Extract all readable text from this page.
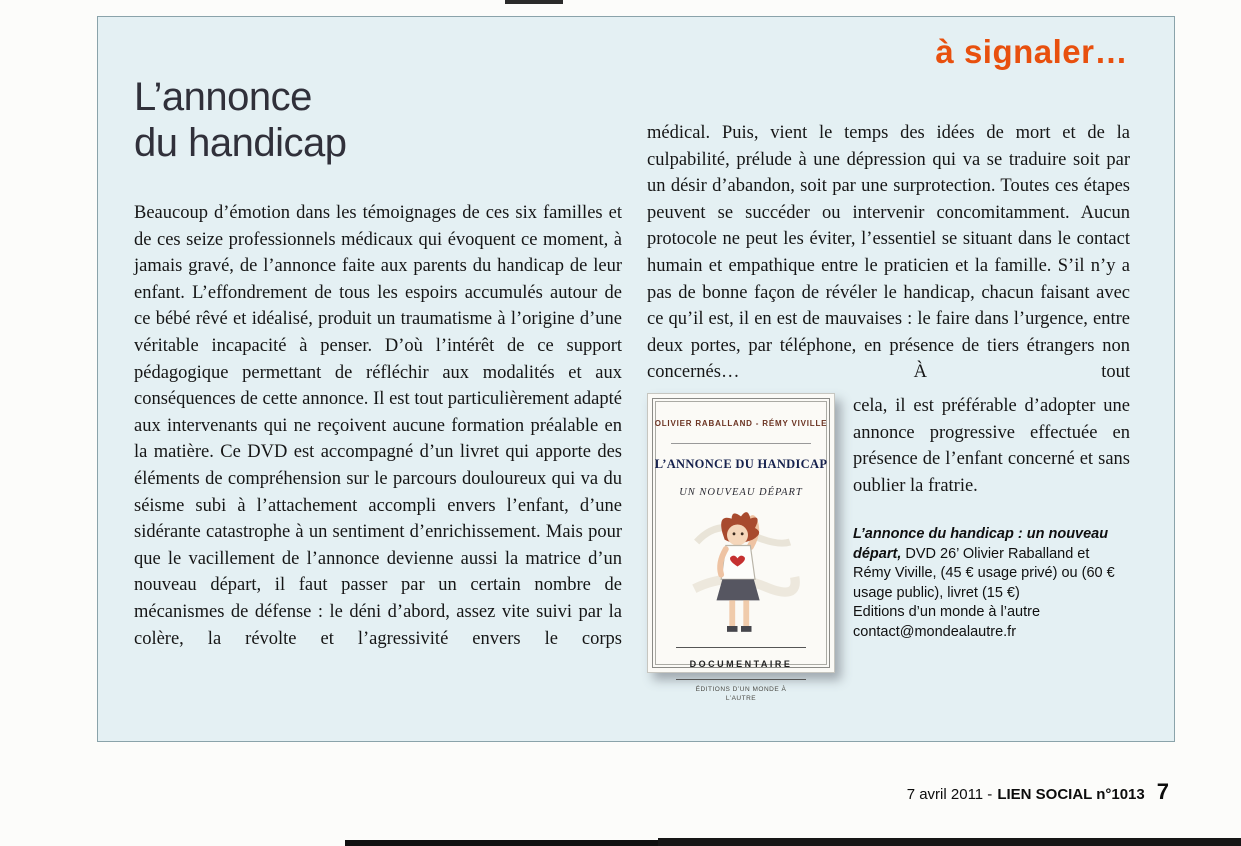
à signaler…
L’annonce
du handicap
Beaucoup d’émotion dans les témoignages de ces six familles et de ces seize professionnels médicaux qui évoquent ce moment, à jamais gravé, de l’annonce faite aux parents du handicap de leur enfant. L’effondrement de tous les espoirs accumulés autour de ce bébé rêvé et idéalisé, produit un traumatisme à l’origine d’une véritable incapacité à penser. D’où l’intérêt de ce support pédagogique permettant de réfléchir aux modalités et aux conséquences de cette annonce. Il est tout particulièrement adapté aux intervenants qui ne reçoivent aucune formation préalable en la matière. Ce DVD est accompagné d’un livret qui apporte des éléments de compréhension sur le parcours douloureux qui va du séisme subi à l’attachement accompli envers l’enfant, d’une sidérante catastrophe à un sentiment d’enrichissement. Mais pour que le vacillement de l’annonce devienne aussi la matrice d’un nouveau départ, il faut passer par un certain nombre de mécanismes de défense : le déni d’abord, assez vite suivi par la colère, la révolte et l’agressivité envers le corps

médical. Puis, vient le temps des idées de mort et de la culpabilité, prélude à une dépression qui va se traduire soit par un désir d’abandon, soit par une surprotection. Toutes ces étapes peuvent se succéder ou intervenir concomitamment. Aucun protocole ne peut les éviter, l’essentiel se situant dans le contact humain et empathique entre le praticien et la famille. S’il n’y a pas de bonne façon de révéler le handicap, chacun faisant avec ce qu’il est, il en est de mauvaises : le faire dans l’urgence, entre deux portes, par téléphone, en présence de tiers étrangers non concernés… À tout

OLIVIER RABALLAND - RÉMY VIVILLE
L’ANNONCE DU HANDICAP
UN NOUVEAU DÉPART
DOCUMENTAIRE
ÉDITIONS D’UN MONDE À L’AUTRE

cela, il est préférable d’adopter une annonce progressive effectuée en présence de l’enfant concerné et sans oublier la fratrie.

L’annonce du handicap : un nouveau départ, DVD 26’ Olivier Raballand et Rémy Viville, (45 € usage privé) ou (60 € usage public), livret (15 €)

Editions d’un monde à l’autre
contact@mondealautre.fr
7 avril 2011 - LIEN SOCIAL n°1013 7
